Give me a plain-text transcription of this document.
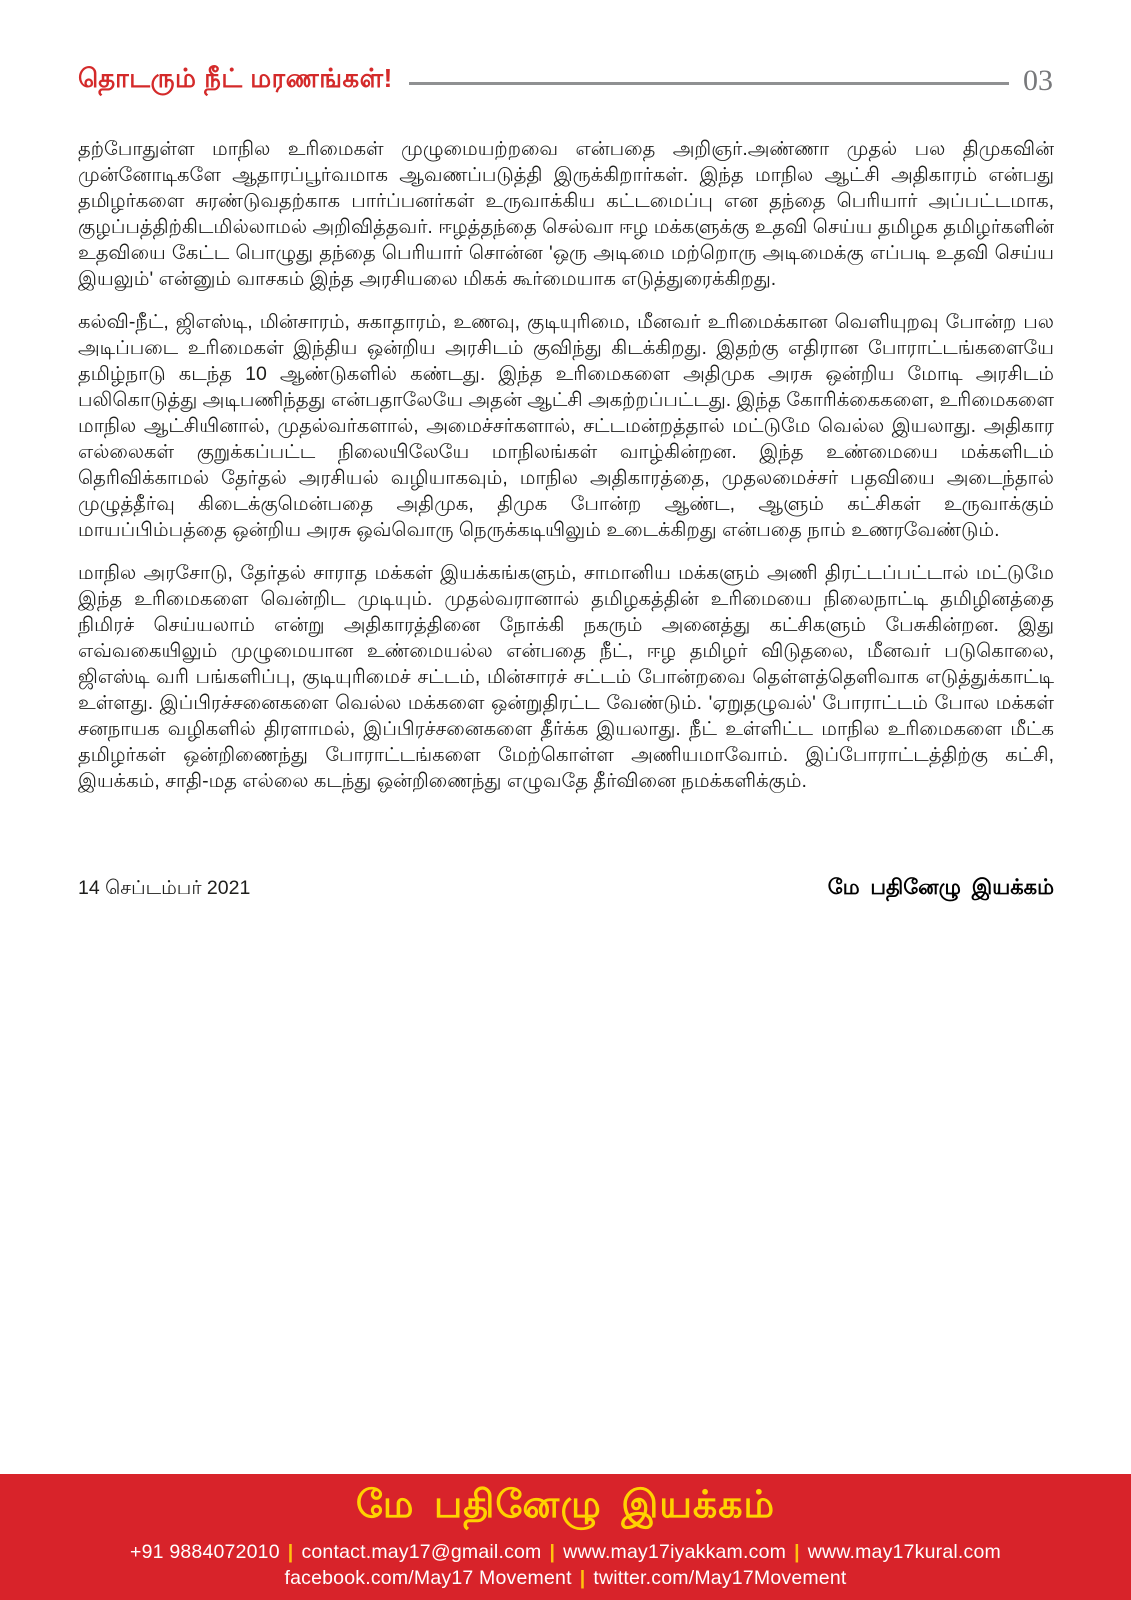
தொடரும் நீட் மரணங்கள்!	03

தற்போதுள்ள மாநில உரிமைகள் முழுமையற்றவை என்பதை அறிஞர்.அண்ணா முதல் பல திமுகவின் முன்னோடிகளே ஆதாரப்பூர்வமாக ஆவணப்படுத்தி இருக்கிறார்கள். இந்த மாநில ஆட்சி அதிகாரம் என்பது தமிழர்களை சுரண்டுவதற்காக பார்ப்பனர்கள் உருவாக்கிய கட்டமைப்பு என தந்தை பெரியார் அப்பட்டமாக, குழப்பத்திற்கிடமில்லாமல் அறிவித்தவர். ஈழத்தந்தை செல்வா ஈழ மக்களுக்கு உதவி செய்ய தமிழக தமிழர்களின் உதவியை கேட்ட பொழுது தந்தை பெரியார் சொன்ன 'ஒரு அடிமை மற்றொரு அடிமைக்கு எப்படி உதவி செய்ய இயலும்' என்னும் வாசகம் இந்த அரசியலை மிகக் கூர்மையாக எடுத்துரைக்கிறது.

கல்வி-நீட், ஜிஎஸ்டி, மின்சாரம், சுகாதாரம், உணவு, குடியுரிமை, மீனவர் உரிமைக்கான வெளியுறவு போன்ற பல அடிப்படை உரிமைகள் இந்திய ஒன்றிய அரசிடம் குவிந்து கிடக்கிறது. இதற்கு எதிரான போராட்டங்களையே தமிழ்நாடு கடந்த 10 ஆண்டுகளில் கண்டது. இந்த உரிமைகளை அதிமுக அரசு ஒன்றிய மோடி அரசிடம் பலிகொடுத்து அடிபணிந்தது என்பதாலேயே அதன் ஆட்சி அகற்றப்பட்டது. இந்த கோரிக்கைகளை, உரிமைகளை மாநில ஆட்சியினால், முதல்வர்களால், அமைச்சர்களால், சட்டமன்றத்தால் மட்டுமே வெல்ல இயலாது. அதிகார எல்லைகள் குறுக்கப்பட்ட நிலையிலேயே மாநிலங்கள் வாழ்கின்றன. இந்த உண்மையை மக்களிடம் தெரிவிக்காமல் தேர்தல் அரசியல் வழியாகவும், மாநில அதிகாரத்தை, முதலமைச்சர் பதவியை அடைந்தால் முழுத்தீர்வு கிடைக்குமென்பதை அதிமுக, திமுக போன்ற ஆண்ட, ஆளும் கட்சிகள் உருவாக்கும் மாயப்பிம்பத்தை ஒன்றிய அரசு ஒவ்வொரு நெருக்கடியிலும் உடைக்கிறது என்பதை நாம் உணரவேண்டும்.

மாநில அரசோடு, தேர்தல் சாராத மக்கள் இயக்கங்களும், சாமானிய மக்களும் அணி திரட்டப்பட்டால் மட்டுமே இந்த உரிமைகளை வென்றிட முடியும். முதல்வரானால் தமிழகத்தின் உரிமையை நிலைநாட்டி தமிழினத்தை நிமிரச் செய்யலாம் என்று அதிகாரத்தினை நோக்கி நகரும் அனைத்து கட்சிகளும் பேசுகின்றன. இது எவ்வகையிலும் முழுமையான உண்மையல்ல என்பதை நீட், ஈழ தமிழர் விடுதலை, மீனவர் படுகொலை, ஜிஎஸ்டி வரி பங்களிப்பு, குடியுரிமைச் சட்டம், மின்சாரச் சட்டம் போன்றவை தெள்ளத்தெளிவாக எடுத்துக்காட்டி உள்ளது. இப்பிரச்சனைகளை வெல்ல மக்களை ஒன்றுதிரட்ட வேண்டும். 'ஏறுதழுவல்' போராட்டம் போல மக்கள் சனநாயக வழிகளில் திரளாமல், இப்பிரச்சனைகளை தீர்க்க இயலாது. நீட் உள்ளிட்ட மாநில உரிமைகளை மீட்க தமிழர்கள் ஒன்றிணைந்து போராட்டங்களை மேற்கொள்ள அணியமாவோம். இப்போராட்டத்திற்கு கட்சி, இயக்கம், சாதி-மத எல்லை கடந்து ஒன்றிணைந்து எழுவதே தீர்வினை நமக்களிக்கும்.

14 செப்டம்பர் 2021	மே பதினேழு இயக்கம்
மே பதினேழு இயக்கம்
+91 9884072010 | contact.may17@gmail.com | www.may17iyakkam.com | www.may17kural.com
facebook.com/May17 Movement | twitter.com/May17Movement
